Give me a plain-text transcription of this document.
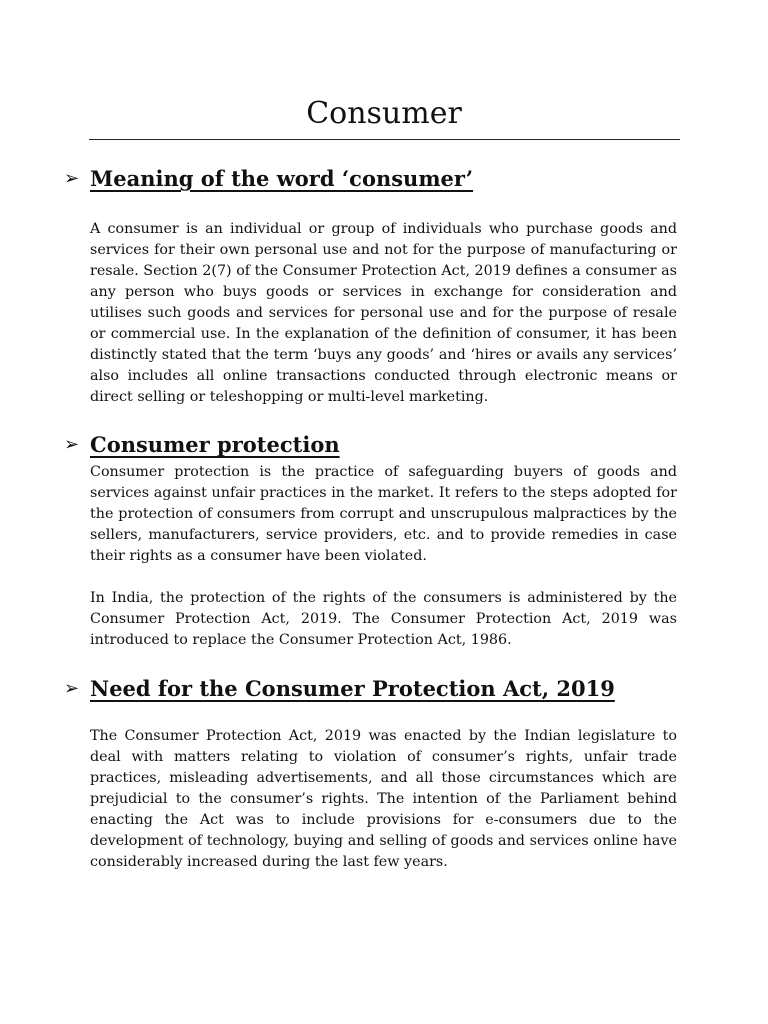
Consumer
➢ Meaning of the word ‘consumer’

A consumer is an individual or group of individuals who purchase goods and services for their own personal use and not for the purpose of manufacturing or resale. Section 2(7) of the Consumer Protection Act, 2019 defines a consumer as any person who buys goods or services in exchange for consideration and utilises such goods and services for personal use and for the purpose of resale or commercial use. In the explanation of the definition of consumer, it has been distinctly stated that the term ‘buys any goods’ and ‘hires or avails any services’ also includes all online transactions conducted through electronic means or direct selling or teleshopping or multi-level marketing.

➢ Consumer protection

Consumer protection is the practice of safeguarding buyers of goods and services against unfair practices in the market. It refers to the steps adopted for the protection of consumers from corrupt and unscrupulous malpractices by the sellers, manufacturers, service providers, etc. and to provide remedies in case their rights as a consumer have been violated.

In India, the protection of the rights of the consumers is administered by the Consumer Protection Act, 2019. The Consumer Protection Act, 2019 was introduced to replace the Consumer Protection Act, 1986.

➢ Need for the Consumer Protection Act, 2019

The Consumer Protection Act, 2019 was enacted by the Indian legislature to deal with matters relating to violation of consumer’s rights, unfair trade practices, misleading advertisements, and all those circumstances which are prejudicial to the consumer’s rights. The intention of the Parliament behind enacting the Act was to include provisions for e-consumers due to the development of technology, buying and selling of goods and services online have considerably increased during the last few years.
